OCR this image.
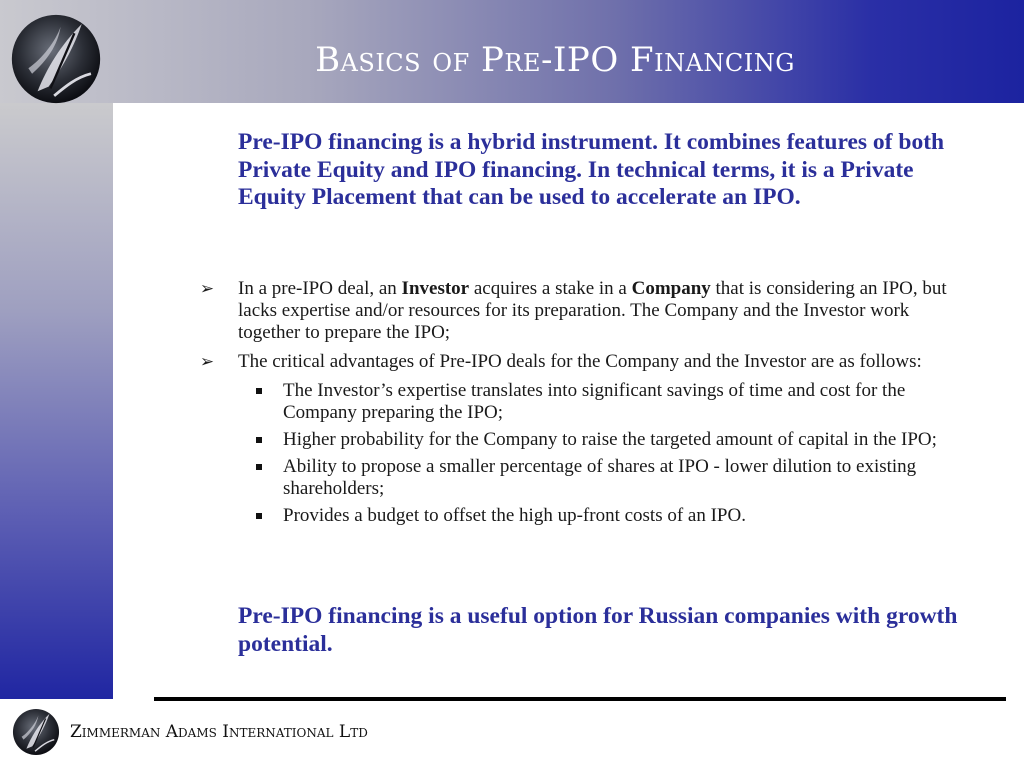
Basics of Pre-IPO Financing
Pre-IPO financing is a hybrid instrument. It combines features of both Private Equity and IPO financing. In technical terms, it is a Private Equity Placement that can be used to accelerate an IPO.
➢ In a pre-IPO deal, an Investor acquires a stake in a Company that is considering an IPO, but lacks expertise and/or resources for its preparation. The Company and the Investor work together to prepare the IPO;
➢ The critical advantages of Pre-IPO deals for the Company and the Investor are as follows:
The Investor’s expertise translates into significant savings of time and cost for the Company preparing the IPO;
Higher probability for the Company to raise the targeted amount of capital in the IPO;
Ability to propose a smaller percentage of shares at IPO - lower dilution to existing shareholders;
Provides a budget to offset the high up-front costs of an IPO.
Pre-IPO financing is a useful option for Russian companies with growth potential.
Zimmerman Adams International Ltd
